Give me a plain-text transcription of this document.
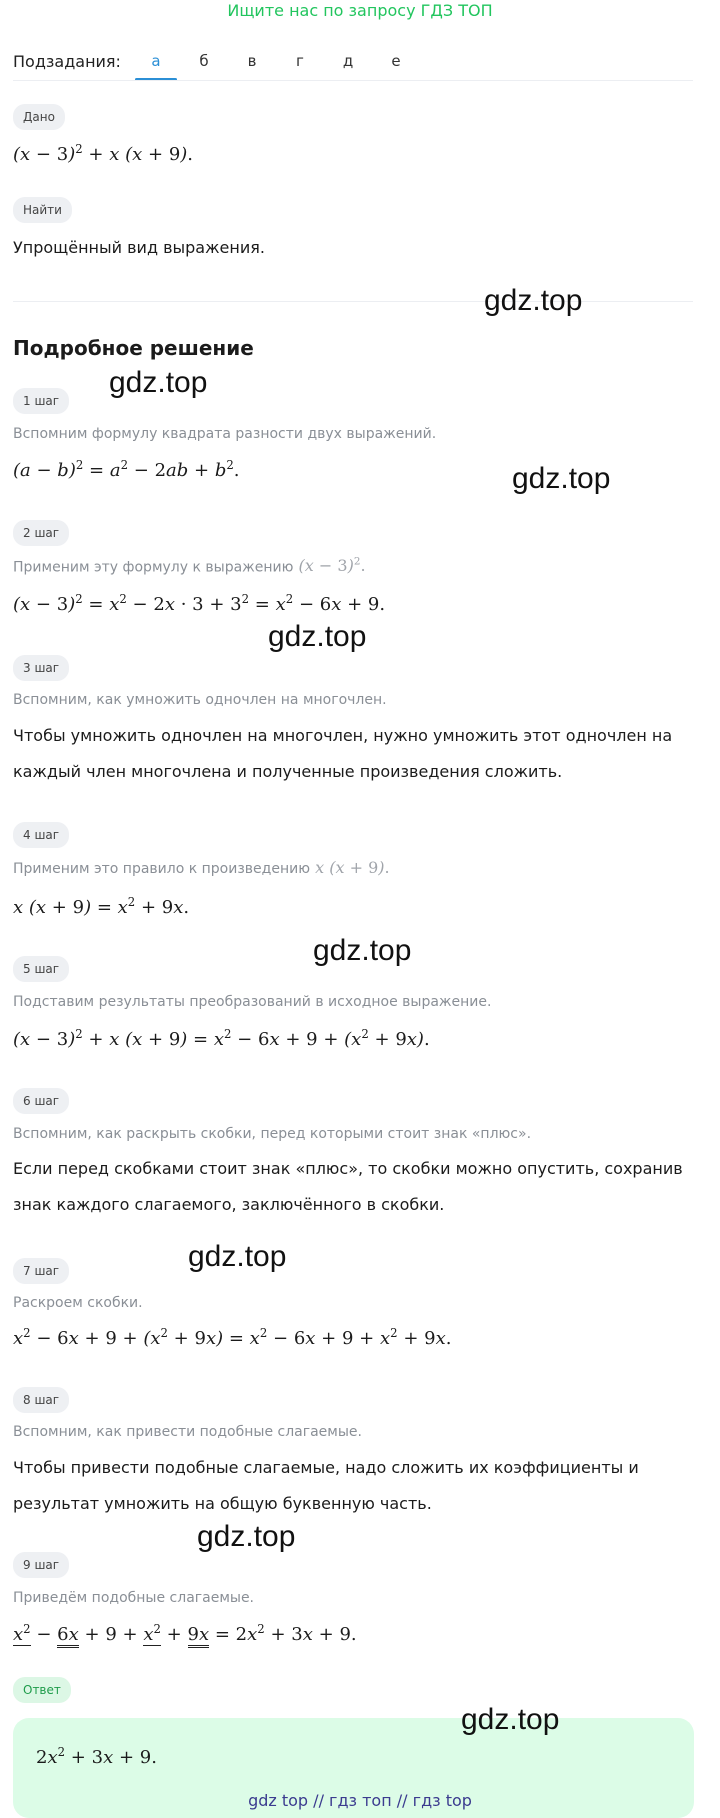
Ищите нас по запросу ГДЗ ТОП
Подзадания:	а	б	в	г	д	е
Дано
$(x - 3)^2 + x$ (x + 9).
Найти
Упрощённый вид выражения.
Подробное решение
1 шаг
Вспомним формулу квадрата разности двух выражений.
$(a - b)^2 = a^2 - 2ab + b^2$.
2 шаг
Применим эту формулу к выражению $(x - 3)^2$.
$(x - 3)^2 = x^2 - 2x \cdot 3 + 3^2 = x^2 - 6x + 9$.
3 шаг
Вспомним, как умножить одночлен на многочлен.
Чтобы умножить одночлен на многочлен, нужно умножить этот одночлен на
каждый член многочлена и полученные произведения сложить.
4 шаг
Применим это правило к произведению x (x + 9).
x $(x + 9) = x^2 + 9x$.
5 шаг
Подставим результаты преобразований в исходное выражение.
$(x - 3)^2 + x$ $(x + 9) = x^2 - 6x + 9 + (x^2 + 9x)$.
6 шаг
Вспомним, как раскрыть скобки, перед которыми стоит знак «плюс».
Если перед скобками стоит знак «плюс», то скобки можно опустить, сохранив
знак каждого слагаемого, заключённого в скобки.
7 шаг
Раскроем скобки.
$x^2 - 6x + 9 + (x^2 + 9x) = x^2 - 6x + 9 + x^2 + 9x$.
8 шаг
Вспомним, как привести подобные слагаемые.
Чтобы привести подобные слагаемые, надо сложить их коэффициенты и
результат умножить на общую буквенную часть.
9 шаг
Приведём подобные слагаемые.
$x^2 - 6x + 9 + x^2 + 9x = 2x^2 + 3x + 9$.
Ответ
$2x^2 + 3x + 9$.
gdz.top
gdz.top
gdz.top
gdz.top
gdz.top
gdz.top
gdz.top
gdz.top
gdz top // гдз топ // гдз top
